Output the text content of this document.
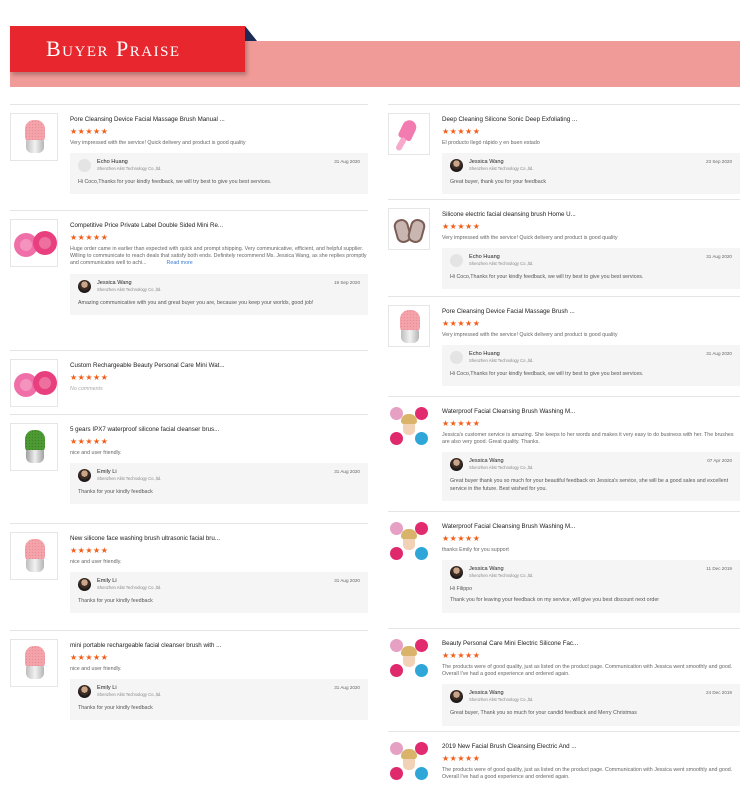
Buyer Praise
Pore Cleansing Device Facial Massage Brush Manual ...
★★★★★
Very impressed with the service! Quick delivery and product is good quality
Echo Huang
Shenzhen Alist Technology Co.,ltd.
31 Aug 2020
Hi Coco,Thanks for your kindly feedback, we will try best to give you best services.
Competitive Price Private Label Double Sided Mini Re...
★★★★★
Huge order came in earlier than expected with quick and prompt shipping. Very communicative, efficient, and helpful supplier. Willing to communicate to reach deals that satisfy both ends. Definitely recommend Ms. Jessica Wang, as she replies promptly and communicates well to achi...	Read more
Jessica Wang
Shenzhen Alist Technology Co.,ltd.
19 Sep 2020
Amazing communicative with you and great buyer you are, because you keep your worlds, good job!
Custom Rechargeable Beauty Personal Care Mini Wat...
★★★★★
No comments
5 gears IPX7 waterproof silicone facial cleanser brus...
★★★★★
nice and user friendly.
Emily Li
Shenzhen Alist Technology Co.,ltd.
31 Aug 2020
Thanks for your kindly feedback
New silicone face washing brush ultrasonic facial bru...
★★★★★
nice and user friendly.
Emily Li
Shenzhen Alist Technology Co.,ltd.
31 Aug 2020
Thanks for your kindly feedback
mini portable rechargeable facial cleanser brush with ...
★★★★★
nice and user friendly.
Emily Li
Shenzhen Alist Technology Co.,ltd.
31 Aug 2020
Thanks for your kindly feedback
Deep Cleaning Silicone Sonic Deep Exfoliating ...
★★★★★
El producto llegó rápido y en buen estado
Jessica Wang
Shenzhen Alist Technology Co.,ltd.
23 Sep 2020
Great buyer, thank you for your feedback
Silicone electric facial cleansing brush Home U...
★★★★★
Very impressed with the service! Quick delivery and product is good quality
Echo Huang
Shenzhen Alist Technology Co.,ltd.
31 Aug 2020
Hi Coco,Thanks for your kindly feedback, we will try best to give you best services.
Pore Cleansing Device Facial Massage Brush ...
★★★★★
Very impressed with the service! Quick delivery and product is good quality
Echo Huang
Shenzhen Alist Technology Co.,ltd.
31 Aug 2020
Hi Coco,Thanks for your kindly feedback, we will try best to give you best services.
Waterproof Facial Cleansing Brush Washing M...
★★★★★
Jessica's customer service is amazing. She keeps to her words and makes it very easy to do business with her. The brushes are also very good. Great quality. Thanks.
Jessica Wang
Shenzhen Alist Technology Co.,ltd.
07 Apr 2020
Great buyer thank you so much for your beautiful feedback on Jessica's service, she will be a good sales and excellent service in the future. Best wished for you.
Waterproof Facial Cleansing Brush Washing M...
★★★★★
thanks Emily for you support
Jessica Wang
Shenzhen Alist Technology Co.,ltd.
11 Dec 2019
Hi Filippo
Thank you for leaving your feedback on my service, will give you best discount next order
Beauty Personal Care Mini Electric Silicone Fac...
★★★★★
The products were of good quality, just as listed on the product page. Communication with Jessica went smoothly and good. Overall I've had a good experience and ordered again.
Jessica Wang
Shenzhen Alist Technology Co.,ltd.
24 Dec 2019
Great buyer, Thank you so much for your candid feedback and Merry Christmas
2019 New Facial Brush Cleansing Electric And ...
★★★★★
The products were of good quality, just as listed on the product page. Communication with Jessica went smoothly and good. Overall I've had a good experience and ordered again.
